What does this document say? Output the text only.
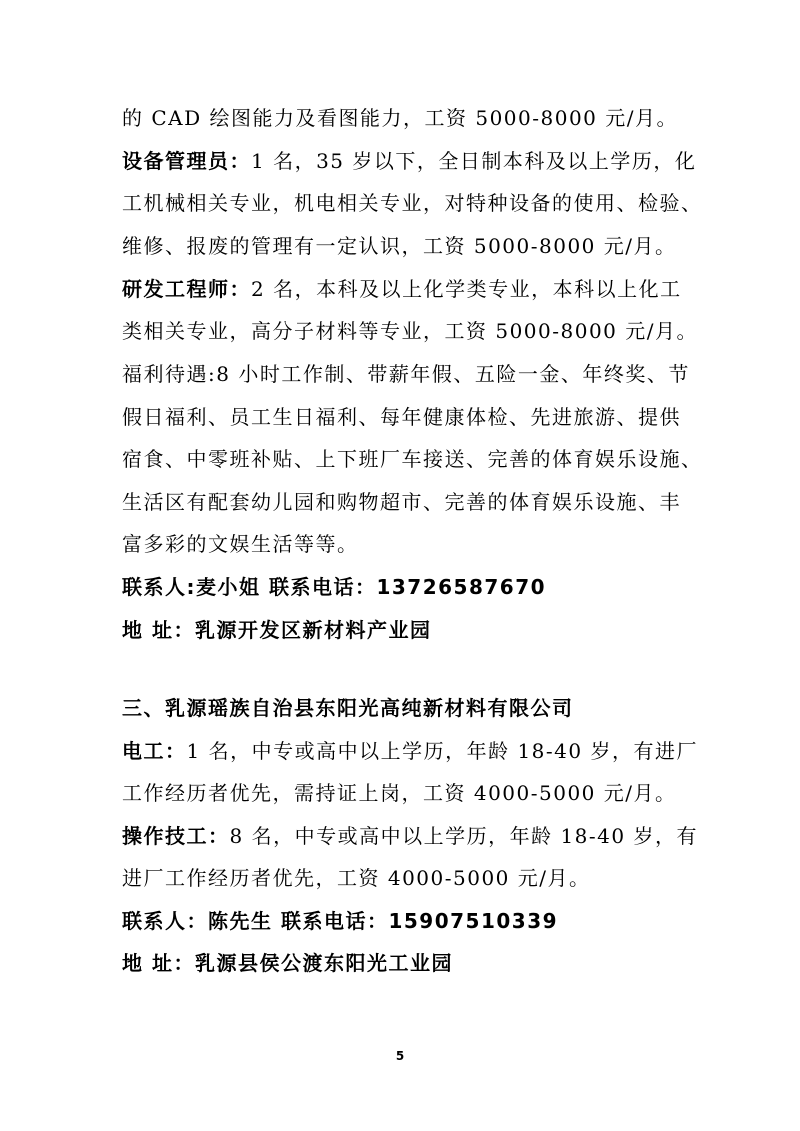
的 CAD 绘图能力及看图能力，工资 5000-8000 元/月。
设备管理员：1 名，35 岁以下，全日制本科及以上学历，化
工机械相关专业，机电相关专业，对特种设备的使用、检验、
维修、报废的管理有一定认识，工资 5000-8000 元/月。
研发工程师：2 名，本科及以上化学类专业，本科以上化工
类相关专业，高分子材料等专业，工资 5000-8000 元/月。
福利待遇:8 小时工作制、带薪年假、五险一金、年终奖、节
假日福利、员工生日福利、每年健康体检、先进旅游、提供
宿食、中零班补贴、上下班厂车接送、完善的体育娱乐设施、
生活区有配套幼儿园和购物超市、完善的体育娱乐设施、丰
富多彩的文娱生活等等。
联系人:麦小姐 联系电话：13726587670
地 址：乳源开发区新材料产业园
三、乳源瑶族自治县东阳光高纯新材料有限公司
电工：1 名，中专或高中以上学历，年龄 18-40 岁，有进厂
工作经历者优先，需持证上岗，工资 4000-5000 元/月。
操作技工：8 名，中专或高中以上学历，年龄 18-40 岁，有
进厂工作经历者优先，工资 4000-5000 元/月。
联系人：陈先生 联系电话：15907510339
地 址：乳源县侯公渡东阳光工业园
5
